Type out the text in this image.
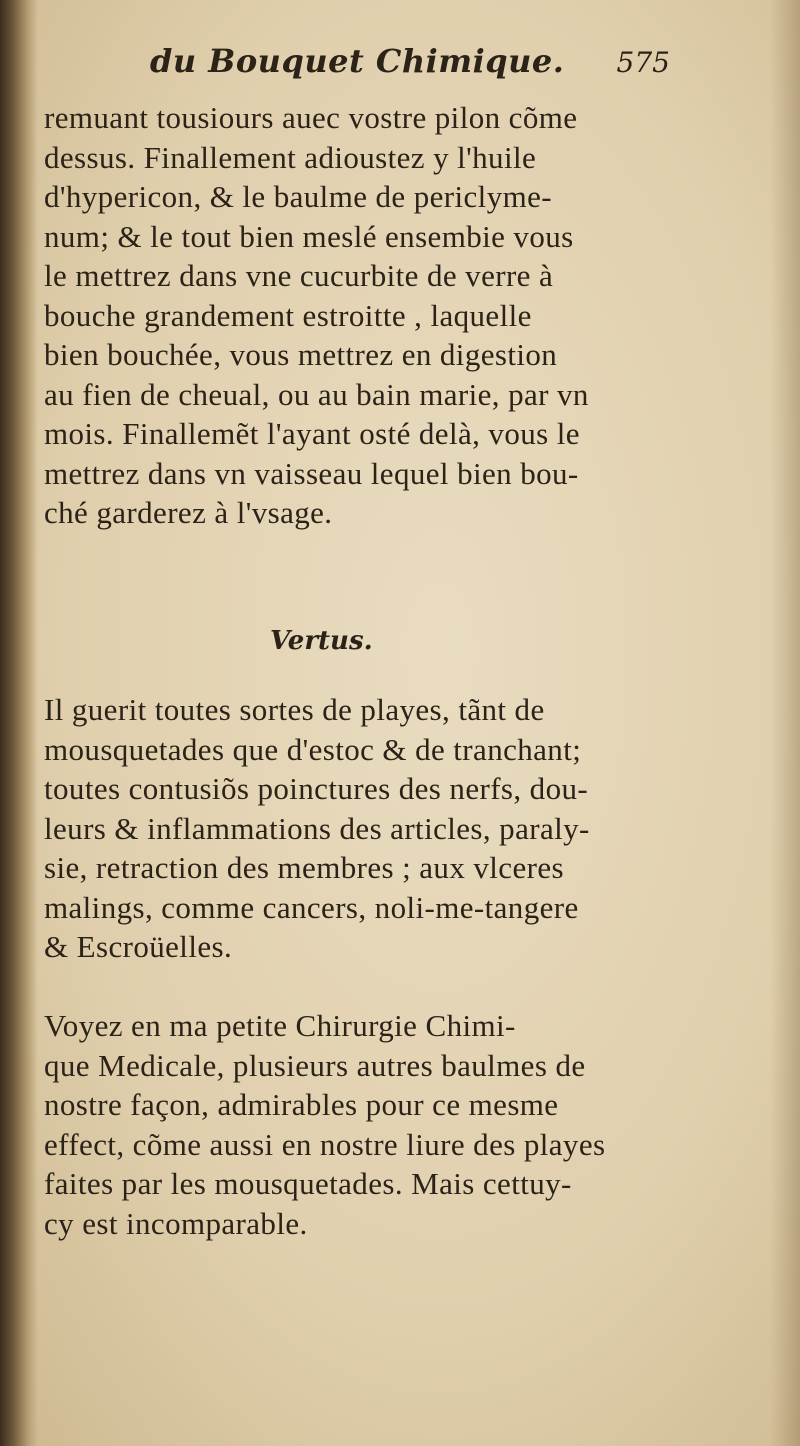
du Bouquet Chimique. 575
remuant tousiours auec vostre pilon cõme
dessus. Finallement adioustez y l'huile
d'hypericon, & le baulme de periclyme-
num; & le tout bien meslé ensembie vous
le mettrez dans vne cucurbite de verre à
bouche grandement estroitte , laquelle
bien bouchée, vous mettrez en digestion
au fien de cheual, ou au bain marie, par vn
mois. Finallemẽt l'ayant osté delà, vous le
mettrez dans vn vaisseau lequel bien bou-
ché garderez à l'vsage.
Vertus.
Il guerit toutes sortes de playes, tãnt de
mousquetades que d'estoc & de tranchant;
toutes contusiõs poinctures des nerfs, dou-
leurs & inflammations des articles, paraly-
sie, retraction des membres ; aux vlceres
malings, comme cancers, noli-me-tangere
& Escroüelles.
Voyez en ma petite Chirurgie Chimi-
que Medicale, plusieurs autres baulmes de
nostre façon, admirables pour ce mesme
effect, cõme aussi en nostre liure des playes
faites par les mousquetades. Mais cettuy-
cy est incomparable.
